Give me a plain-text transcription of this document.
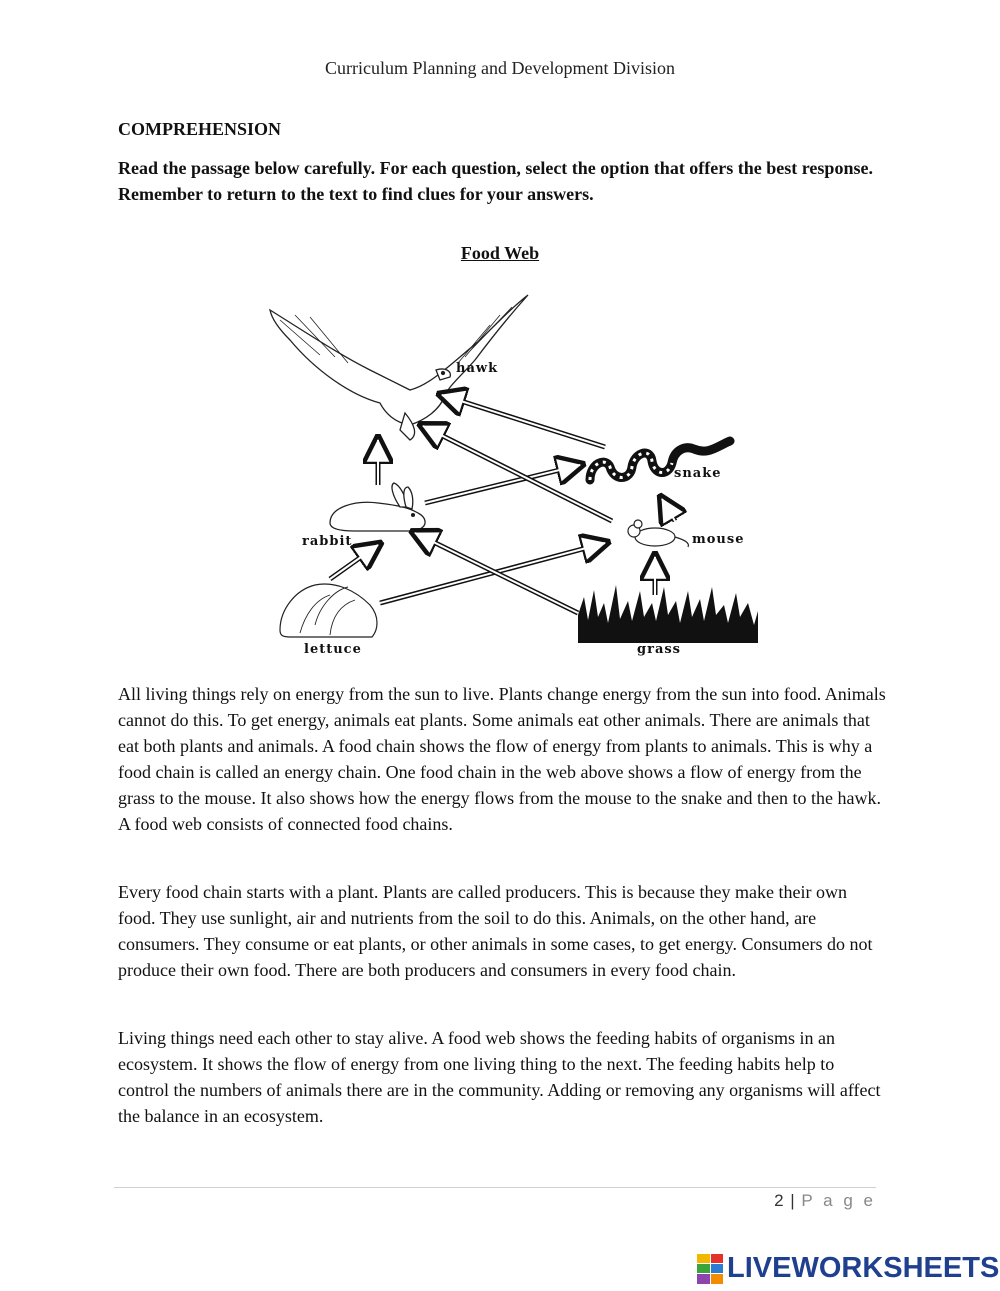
Curriculum Planning and Development Division
COMPREHENSION
Read the passage below carefully. For each question, select the option that offers the best response. Remember to return to the text to find clues for your answers.
Food Web
hawk
snake
rabbit	mouse
lettuce	grass

All living things rely on energy from the sun to live. Plants change energy from the sun into food. Animals cannot do this. To get energy, animals eat plants. Some animals eat other animals. There are animals that eat both plants and animals. A food chain shows the flow of energy from plants to animals. This is why a food chain is called an energy chain. One food chain in the web above shows a flow of energy from the grass to the mouse. It also shows how the energy flows from the mouse to the snake and then to the hawk. A food web consists of connected food chains.

Every food chain starts with a plant. Plants are called producers. This is because they make their own food. They use sunlight, air and nutrients from the soil to do this. Animals, on the other hand, are consumers. They consume or eat plants, or other animals in some cases, to get energy. Consumers do not produce their own food. There are both producers and consumers in every food chain.

Living things need each other to stay alive. A food web shows the feeding habits of organisms in an ecosystem. It shows the flow of energy from one living thing to the next. The feeding habits help to control the numbers of animals there are in the community. Adding or removing any organisms will affect the balance in an ecosystem.

2 | P a g e
LIVEWORKSHEETS
